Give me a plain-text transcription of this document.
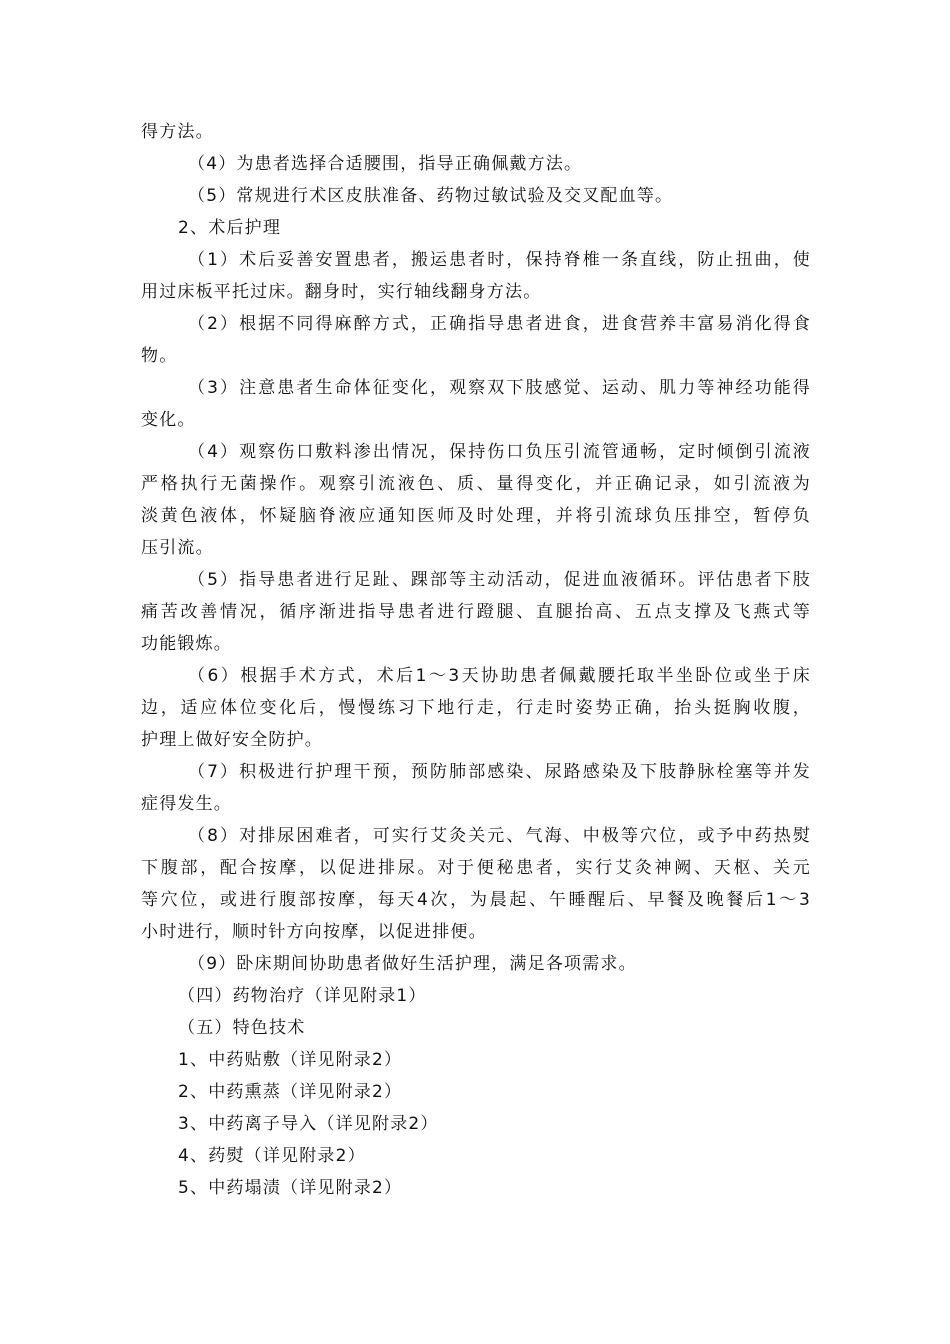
得方法。
（4）为患者选择合适腰围，指导正确佩戴方法。
（5）常规进行术区皮肤准备、药物过敏试验及交叉配血等。
2、术后护理
（1）术后妥善安置患者，搬运患者时，保持脊椎一条直线，防止扭曲，使
用过床板平托过床。翻身时，实行轴线翻身方法。
（2）根据不同得麻醉方式，正确指导患者进食，进食营养丰富易消化得食
物。
（3）注意患者生命体征变化，观察双下肢感觉、运动、肌力等神经功能得
变化。
（4）观察伤口敷料渗出情况，保持伤口负压引流管通畅，定时倾倒引流液
严格执行无菌操作。观察引流液色、质、量得变化，并正确记录，如引流液为
淡黄色液体，怀疑脑脊液应通知医师及时处理，并将引流球负压排空，暂停负
压引流。
（5）指导患者进行足趾、踝部等主动活动，促进血液循环。评估患者下肢
痛苦改善情况，循序渐进指导患者进行蹬腿、直腿抬高、五点支撑及飞燕式等
功能锻炼。
（6）根据手术方式，术后1～3天协助患者佩戴腰托取半坐卧位或坐于床
边，适应体位变化后，慢慢练习下地行走，行走时姿势正确，抬头挺胸收腹，
护理上做好安全防护。
（7）积极进行护理干预，预防肺部感染、尿路感染及下肢静脉栓塞等并发
症得发生。
（8）对排尿困难者，可实行艾灸关元、气海、中极等穴位，或予中药热熨
下腹部，配合按摩，以促进排尿。对于便秘患者，实行艾灸神阙、天枢、关元
等穴位，或进行腹部按摩，每天4次，为晨起、午睡醒后、早餐及晚餐后1～3
小时进行，顺时针方向按摩，以促进排便。
（9）卧床期间协助患者做好生活护理，满足各项需求。
（四）药物治疗（详见附录1）
（五）特色技术
1、中药贴敷（详见附录2）
2、中药熏蒸（详见附录2）
3、中药离子导入（详见附录2）
4、药熨（详见附录2）
5、中药塌渍（详见附录2）
